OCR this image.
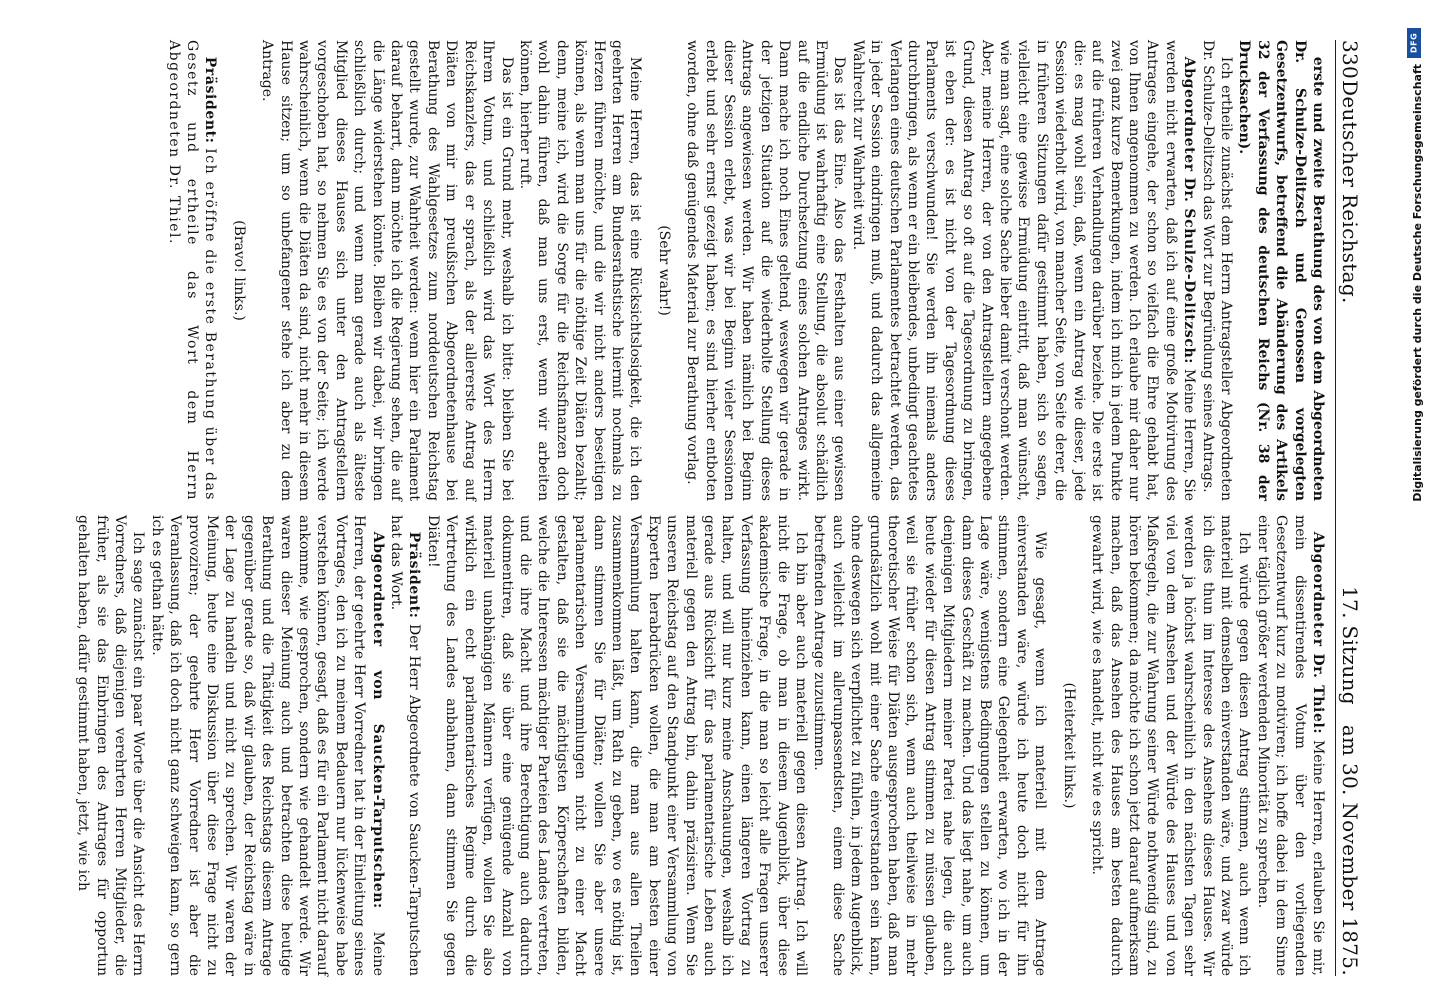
330
Deutscher Reichstag.
17. Sitzungam 30. November 1875.

erste und zweite Berathung des von dem Abgeordneten Dr. Schulze-Delitzsch und Genossen vorgelegten Gesetzentwurfs, betreffend die Abänderung des Artikels 32 der Verfassung des deutschen Reichs (Nr. 38 der Drucksachen).

Ich ertheile zunächst dem Herrn Antragsteller Abgeordneten Dr. Schulze-Delitzsch das Wort zur Begründung seines Antrags.

Abgeordneter Dr. Schulze-Delitzsch: Meine Herren, Sie werden nicht erwarten, daß ich auf eine große Motivirung des Antrages eingehe, der schon so vielfach die Ehre gehabt hat, von Ihnen angenommen zu werden. Ich erlaube mir daher nur zwei ganz kurze Bemerkungen, indem ich mich in jedem Punkte auf die früheren Verhandlungen darüber beziehe. Die erste ist die: es mag wohl sein, daß, wenn ein Antrag wie dieser, jede Session wiederholt wird, von mancher Seite, von Seite derer, die in früheren Sitzungen dafür gestimmt haben, sich so sagen, vielleicht eine gewisse Ermüdung eintritt, daß man wünscht, wie man sagt, eine solche Sache lieber damit verschont werden. Aber, meine Herren, der von den Antragstellern angegebene Grund, diesen Antrag so oft auf die Tagesordnung zu bringen, ist eben der: es ist nicht von der Tagesordnung dieses Parlaments verschwunden! Sie werden ihn niemals anders durchbringen, als wenn er ein bleibendes, unbedingt geachtetes Verlangen eines deutschen Parlamentes betrachtet werden, das in jeder Session eindringen muß, und dadurch das allgemeine Wahlrecht zur Wahrheit wird.

Das ist das Eine. Also das Festhalten aus einer gewissen Ermüdung ist wahrhaftig eine Stellung, die absolut schädlich auf die endliche Durchsetzung eines solchen Antrages wirkt. Dann mache ich noch Eines geltend, weswegen wir gerade in der jetzigen Situation auf die wiederholte Stellung dieses Antrags angewiesen werden. Wir haben nämlich bei Beginn dieser Session erlebt, was wir bei Beginn vieler Sessionen erlebt und sehr ernst gezeigt haben; es sind hierher entboten worden, ohne daß genügendes Material zur Berathung vorlag.

(Sehr wahr!)

Meine Herren, das ist eine Rücksichtslosigkeit, die ich den geehrten Herren am Bundesrathstische hiermit nochmals zu Herzen führen möchte, und die wir nicht anders beseitigen können, als wenn man uns für die nöthige Zeit Diäten bezahlt; denn, meine ich, wird die Sorge für die Reichsfinanzen doch wohl dahin führen, daß man uns erst, wenn wir arbeiten können, hierher ruft.

Das ist ein Grund mehr, weshalb ich bitte: bleiben Sie bei Ihrem Votum, und schließlich wird das Wort des Herrn Reichskanzlers, das er sprach, als der allererste Antrag auf Diäten von mir im preußischen Abgeordnetenhause bei Berathung des Wahlgesetzes zum norddeutschen Reichstag gestellt wurde, zur Wahrheit werden: wenn hier ein Parlament darauf beharrt, dann möchte ich die Regierung sehen, die auf die Länge widerstehen könnte. Bleiben wir dabei, wir bringen schließlich durch; und wenn man gerade auch als älteste Mitglied dieses Hauses sich unter den Antragstellern vorgeschoben hat, so nehmen Sie es von der Seite; ich werde wahrscheinlich, wenn die Diäten da sind, nicht mehr in diesem Hause sitzen; um so unbefangener stehe ich aber zu dem Antrage.

(Bravo! links.)

Präsident: Ich eröffne die erste Berathung über das Gesetz und ertheile das Wort dem Herrn Abgeordneten Dr. Thiel.

Abgeordneter Dr. Thiel: Meine Herren, erlauben Sie mir, mein dissentirendes Votum über den vorliegenden Gesetzentwurf kurz zu motiviren; ich hoffe dabei in dem Sinne einer täglich größer werdenden Minorität zu sprechen.

Ich würde gegen diesen Antrag stimmen, auch wenn ich materiell mit demselben einverstanden wäre, und zwar würde ich dies thun im Interesse des Ansehens dieses Hauses. Wir werden ja höchst wahrscheinlich in den nächsten Tagen sehr viel von dem Ansehen und der Würde des Hauses und von Maßregeln, die zur Wahrung seiner Würde nothwendig sind, zu hören bekommen; da möchte ich schon jetzt darauf aufmerksam machen, daß das Ansehen des Hauses am besten dadurch gewahrt wird, wie es handelt, nicht wie es spricht.

(Heiterkeit links.)

Wie gesagt, wenn ich materiell mit dem Antrage einverstanden wäre, würde ich heute doch nicht für ihn stimmen, sondern eine Gelegenheit erwarten, wo ich in der Lage wäre, wenigstens Bedingungen stellen zu können, um dann dieses Geschäft zu machen. Und das liegt nahe, um auch denjenigen Mitgliedern meiner Partei nahe legen, die auch heute wieder für diesen Antrag stimmen zu müssen glauben, weil sie früher schon sich, wenn auch theilweise in mehr theoretischer Weise für Diäten ausgesprochen haben, daß man grundsätzlich wohl mit einer Sache einverstanden sein kann, ohne deswegen sich verpflichtet zu fühlen, in jedem Augenblick, auch vielleicht im allerunpassendsten, einem diese Sache betreffenden Antrage zuzustimmen.

Ich bin aber auch materiell gegen diesen Antrag. Ich will nicht die Frage, ob man in diesem Augenblick, über diese akademische Frage, in die man so leicht alle Fragen unserer Verfassung hineinziehen kann, einen längeren Vortrag zu halten, und will nur kurz meine Anschauungen, weshalb ich gerade aus Rücksicht für das parlamentarische Leben auch materiell gegen den Antrag bin, dahin präzisiren. Wenn Sie unseren Reichstag auf den Standpunkt einer Versammlung von Experten herabdrücken wollen, die man am besten einer Versammlung halten kann, die man aus allen Theilen zusammenkommen läßt, um Rath zu geben, wo es nöthig ist, dann stimmen Sie für Diäten; wollen Sie aber unsere parlamentarischen Versammlungen nicht zu einer Macht gestalten, daß sie die mächtigsten Körperschaften bilden, welche die Interessen mächtiger Parteien des Landes vertreten, und die ihre Macht und ihre Berechtigung auch dadurch dokumentiren, daß sie über eine genügende Anzahl von materiell unabhängigen Männern verfügen, wollen Sie also wirklich ein echt parlamentarisches Regime durch die Vertretung des Landes anbahnen, dann stimmen Sie gegen Diäten!

Präsident: Der Herr Abgeordnete von Saucken-Tarputschen hat das Wort.

Abgeordneter von Saucken-Tarputschen: Meine Herren, der geehrte Herr Vorredner hat in der Einleitung seines Vortrages, den ich zu meinem Bedauern nur lückenweise habe verstehen können, gesagt, daß es für ein Parlament nicht darauf ankomme, wie gesprochen, sondern wie gehandelt werde. Wir waren dieser Meinung auch und betrachten diese heutige Berathung und die Thätigkeit des Reichstags diesem Antrage gegenüber gerade so, daß wir glauben, der Reichstag wäre in der Lage zu handeln und nicht zu sprechen. Wir waren der Meinung, heute eine Diskussion über diese Frage nicht zu provoziren; der geehrte Herr Vorredner ist aber die Veranlassung, daß ich doch nicht ganz schweigen kann, so gern ich es gethan hätte.

Ich sage zunächst ein paar Worte über die Ansicht des Herrn Vorredners, daß diejenigen verehrten Herren Mitglieder, die früher, als sie das Einbringen des Antrages für opportun gehalten haben, dafür gestimmt haben, jetzt, wie ich

DFG
Digitalisierung gefördert durch die Deutsche Forschungsgemeinschaft
